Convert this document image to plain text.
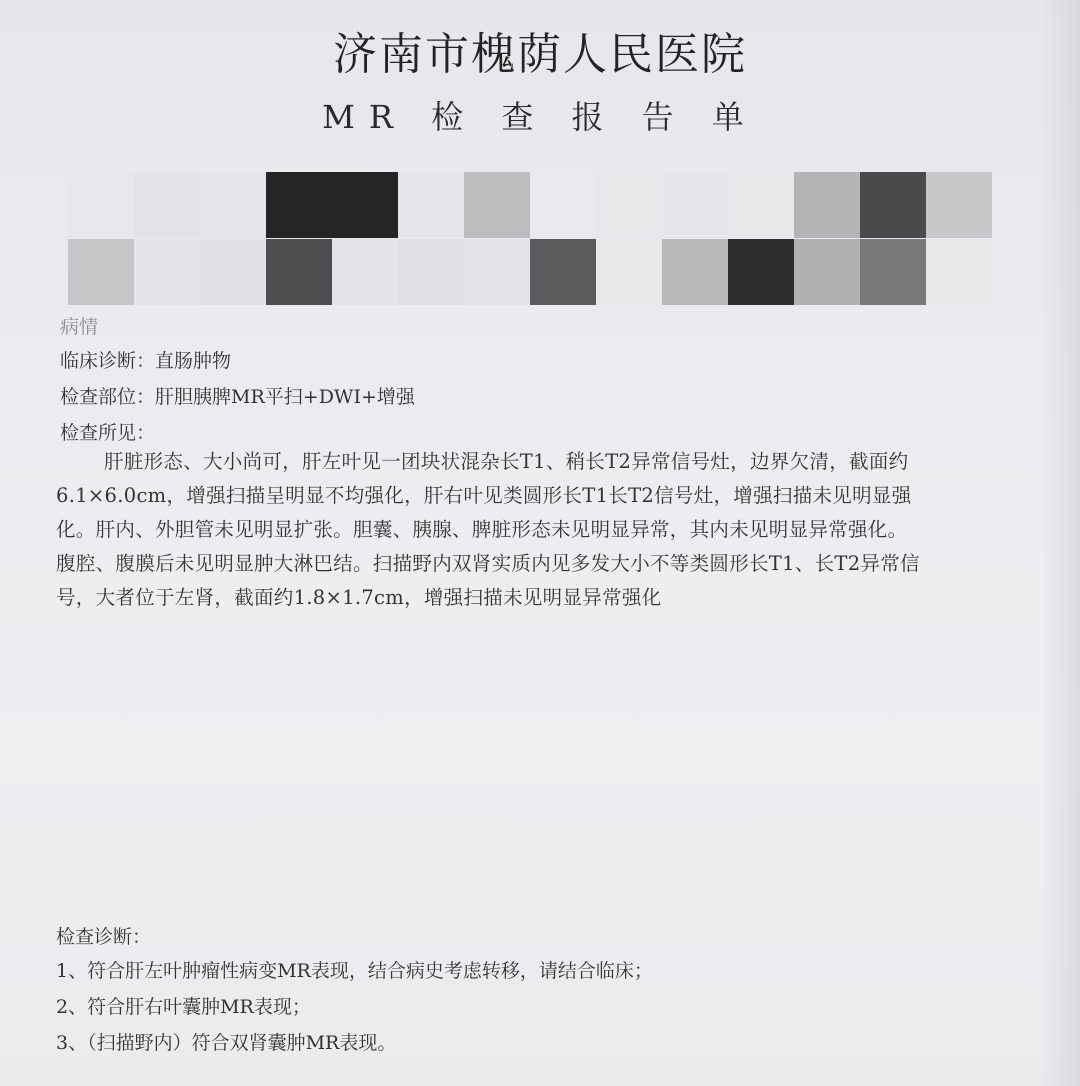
济南市槐荫人民医院
MR 检 查 报 告 单
病情
临床诊断：直肠肿物
检查部位：肝胆胰脾MR平扫+DWI+增强
检查所见：
肝脏形态、大小尚可，肝左叶见一团块状混杂长T1、稍长T2异常信号灶，边界欠清，截面约
6.1×6.0cm，增强扫描呈明显不均强化，肝右叶见类圆形长T1长T2信号灶，增强扫描未见明显强
化。肝内、外胆管未见明显扩张。胆囊、胰腺、脾脏形态未见明显异常，其内未见明显异常强化。
腹腔、腹膜后未见明显肿大淋巴结。扫描野内双肾实质内见多发大小不等类圆形长T1、长T2异常信
号，大者位于左肾，截面约1.8×1.7cm，增强扫描未见明显异常强化
检查诊断：
1、符合肝左叶肿瘤性病变MR表现，结合病史考虑转移，请结合临床；
2、符合肝右叶囊肿MR表现；
3、（扫描野内）符合双肾囊肿MR表现。
